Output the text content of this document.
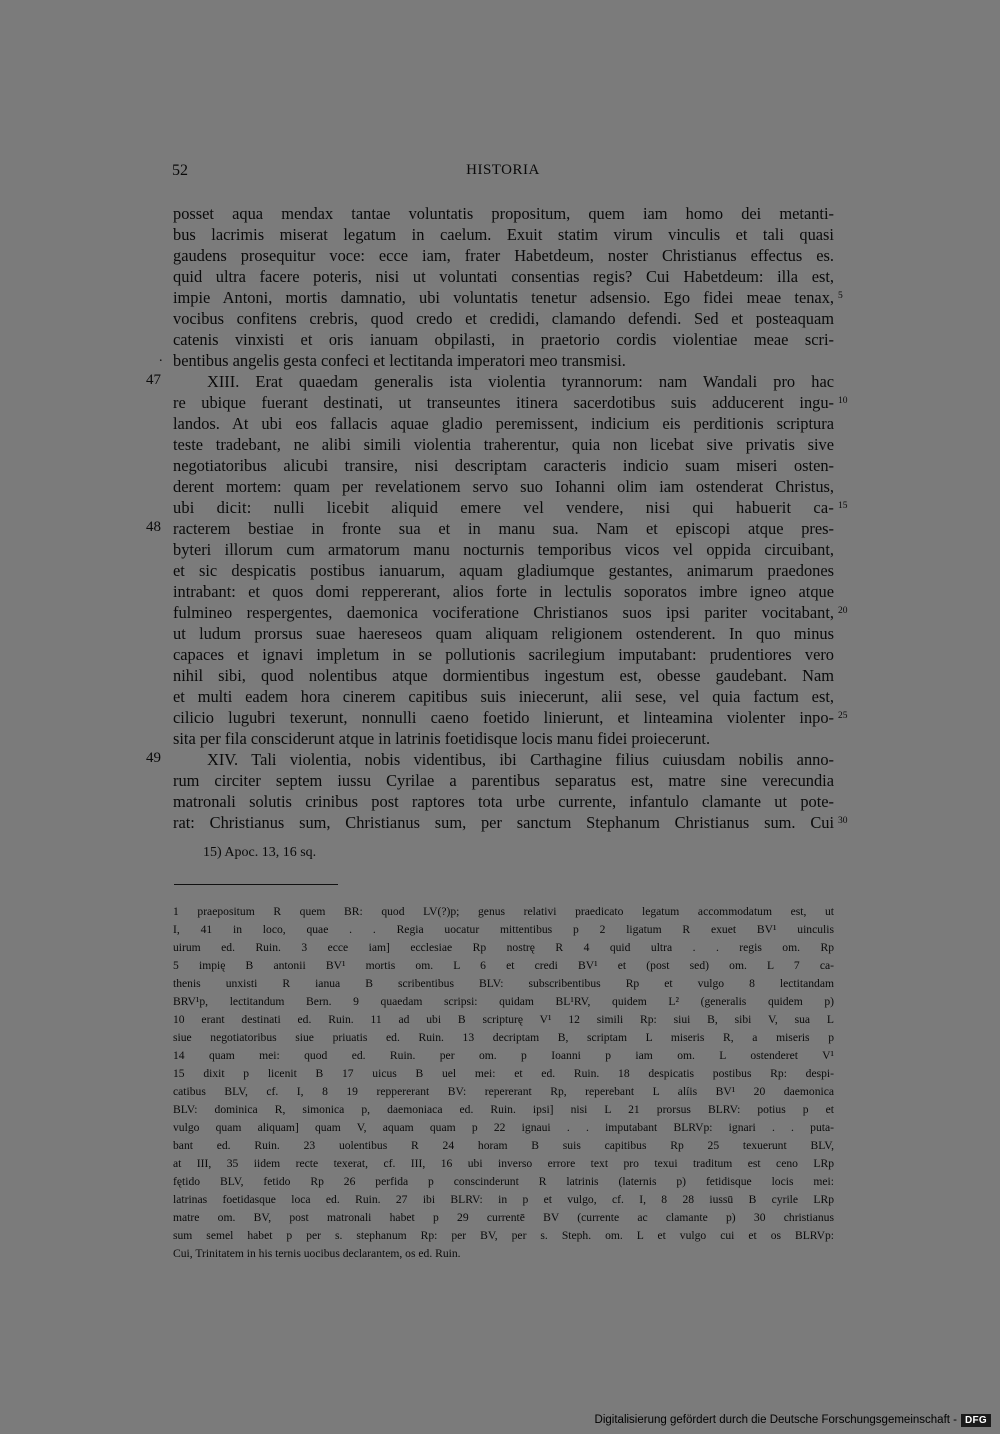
52	HISTORIA
posset aqua mendax tantae voluntatis propositum, quem iam homo dei metanti-
bus lacrimis miserat legatum in caelum. Exuit statim virum vinculis et tali quasi
gaudens prosequitur voce: ecce iam, frater Habetdeum, noster Christianus effectus es.
quid ultra facere poteris, nisi ut voluntati consentias regis? Cui Habetdeum: illa est,
impie Antoni, mortis damnatio, ubi voluntatis tenetur adsensio. Ego fidei meae tenax,
vocibus confitens crebris, quod credo et credidi, clamando defendi. Sed et posteaquam
catenis vinxisti et oris ianuam obpilasti, in praetorio cordis violentiae meae scri-
bentibus angelis gesta confeci et lectitanda imperatori meo transmisi.
XIII. Erat quaedam generalis ista violentia tyrannorum: nam Wandali pro hac
re ubique fuerant destinati, ut transeuntes itinera sacerdotibus suis adducerent ingu-
landos. At ubi eos fallacis aquae gladio peremissent, indicium eis perditionis scriptura
teste tradebant, ne alibi simili violentia traherentur, quia non licebat sive privatis sive
negotiatoribus alicubi transire, nisi descriptam caracteris indicio suam miseri osten-
derent mortem: quam per revelationem servo suo Iohanni olim iam ostenderat Christus,
ubi dicit: nulli licebit aliquid emere vel vendere, nisi qui habuerit ca-
racterem bestiae in fronte sua et in manu sua. Nam et episcopi atque pres-
byteri illorum cum armatorum manu nocturnis temporibus vicos vel oppida circuibant,
et sic despicatis postibus ianuarum, aquam gladiumque gestantes, animarum praedones
intrabant: et quos domi reppererant, alios forte in lectulis soporatos imbre igneo atque
fulmineo respergentes, daemonica vociferatione Christianos suos ipsi pariter vocitabant,
ut ludum prorsus suae haereseos quam aliquam religionem ostenderent. In quo minus
capaces et ignavi impletum in se pollutionis sacrilegium imputabant: prudentiores vero
nihil sibi, quod nolentibus atque dormientibus ingestum est, obesse gaudebant. Nam
et multi eadem hora cinerem capitibus suis iniecerunt, alii sese, vel quia factum est,
cilicio lugubri texerunt, nonnulli caeno foetido linierunt, et linteamina violenter inpo-
sita per fila consciderunt atque in latrinis foetidisque locis manu fidei proiecerunt.
XIV. Tali violentia, nobis videntibus, ibi Carthagine filius cuiusdam nobilis anno-
rum circiter septem iussu Cyrilae a parentibus separatus est, matre sine verecundia
matronali solutis crinibus post raptores tota urbe currente, infantulo clamante ut pote-
rat: Christianus sum, Christianus sum, per sanctum Stephanum Christianus sum. Cui
5
10
15
20
25
30
.
47
48
49
15) Apoc. 13, 16 sq.
1 praepositum R quem BR: quod LV(?)p; genus relativi praedicato legatum accommodatum est, ut
I, 41 in loco, quae . . Regia uocatur mittentibus p 2 ligatum R exuet BV¹ uinculis
uirum ed. Ruin. 3 ecce iam] ecclesiae Rp nostrę R 4 quid ultra . . regis om. Rp
5 impię B antonii BV¹ mortis om. L 6 et credi BV¹ et (post sed) om. L 7 ca-
thenis unxisti R ianua B scribentibus BLV: subscribentibus Rp et vulgo 8 lectitandam
BRV¹p, lectitandum Bern. 9 quaedam scripsi: quidam BL¹RV, quidem L² (generalis quidem p)
10 erant destinati ed. Ruin. 11 ad ubi B scripturę V¹ 12 simili Rp: siui B, sibi V, sua L
siue negotiatoribus siue priuatis ed. Ruin. 13 decriptam B, scriptam L miseris R, a miseris p
14 quam mei: quod ed. Ruin. per om. p Ioanni p iam om. L ostenderet V¹
15 dixit p licenit B 17 uicus B uel mei: et ed. Ruin. 18 despicatis postibus Rp: despi-
catibus BLV, cf. I, 8 19 reppererant BV: repererant Rp, reperebant L alíis BV¹ 20 daemonica
BLV: dominica R, simonica p, daemoniaca ed. Ruin. ipsi] nisi L 21 prorsus BLRV: potius p et
vulgo quam aliquam] quam V, aquam quam p 22 ignaui . . imputabant BLRVp: ignari . . puta-
bant ed. Ruin. 23 uolentibus R 24 horam B suis capitibus Rp 25 texuerunt BLV,
at III, 35 iidem recte texerat, cf. III, 16 ubi inverso errore text pro texui traditum est ceno LRp
fętido BLV, fetido Rp 26 perfida p conscinderunt R latrinis (laternis p) fetidisque locis mei:
latrinas foetidasque loca ed. Ruin. 27 ibi BLRV: in p et vulgo, cf. I, 8 28 iussū B cyrile LRp
matre om. BV, post matronali habet p 29 currentē BV (currente ac clamante p) 30 christianus
sum semel habet p per s. stephanum Rp: per BV, per s. Steph. om. L et vulgo cui et os BLRVp:
Cui, Trinitatem in his ternis uocibus declarantem, os ed. Ruin.
Digitalisierung gefördert durch die Deutsche Forschungsgemeinschaft - DFG
